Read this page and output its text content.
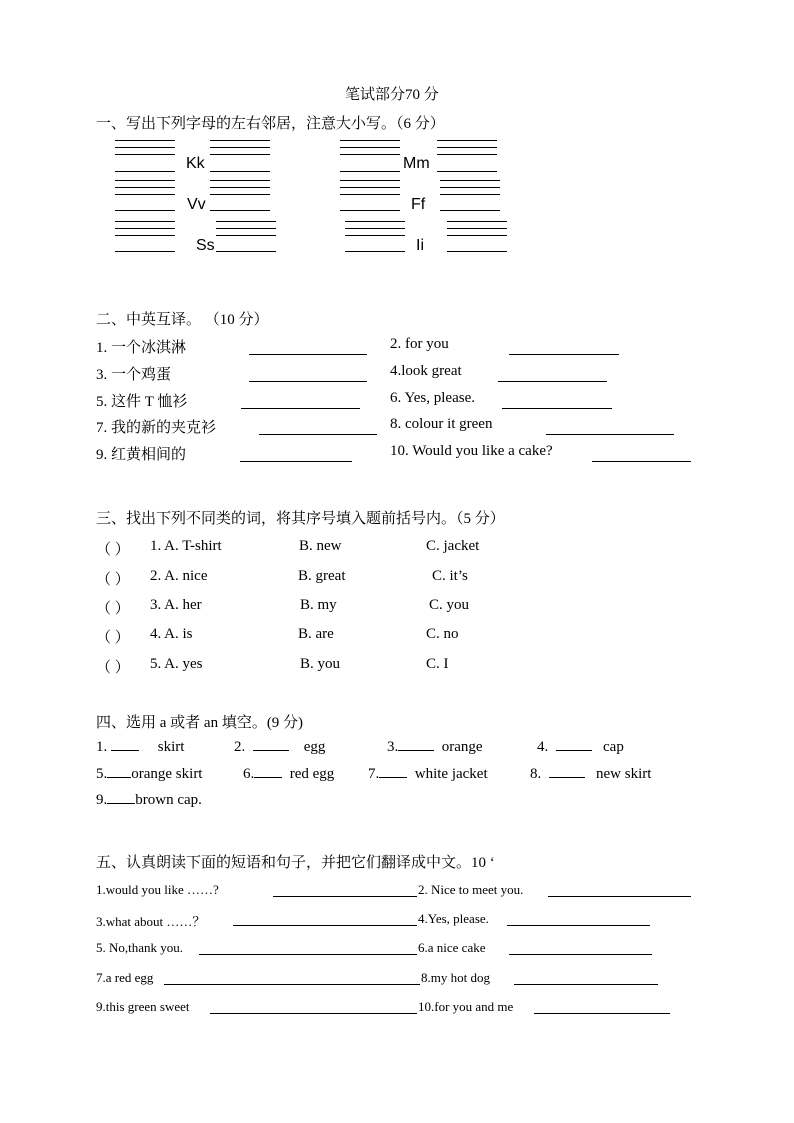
笔试部分70 分
一、写出下列字母的左右邻居，注意大小写。（6 分）
Kk	Mm
Vv	Ff
Ss	Ii
二、中英互译。 （10 分）
1. 一个冰淇淋	2. for you
3. 一个鸡蛋	4.look great
5. 这件 T 恤衫	6. Yes, please.
7. 我的新的夹克衫	8. colour it green
9. 红黄相间的	10. Would you like a cake?
三、找出下列不同类的词，将其序号填入题前括号内。（5 分）
（ ） 1. A. T-shirt	B. new	C. jacket
（ ） 2. A. nice	B. great	C. it’s
（ ） 3. A. her	B. my	C. you
（ ） 4. A. is	B. are	C. no
（ ） 5. A. yes	B. you	C. I
四、选用 a 或者 an 填空。(9 分)
1.	skirt	2.	egg	3.	orange	4.	cap
5. orange skirt	6. red egg 7. white jacket	8.	new skirt
9. brown cap.
五、认真朗读下面的短语和句子，并把它们翻译成中文。10 ‘
1.would you like ……?	2. Nice to meet you.
3.what about ……？	4.Yes, please.
5. No,thank you.	6.a nice cake
7.a red egg	8.my hot dog
9.this green sweet	10.for you and me
